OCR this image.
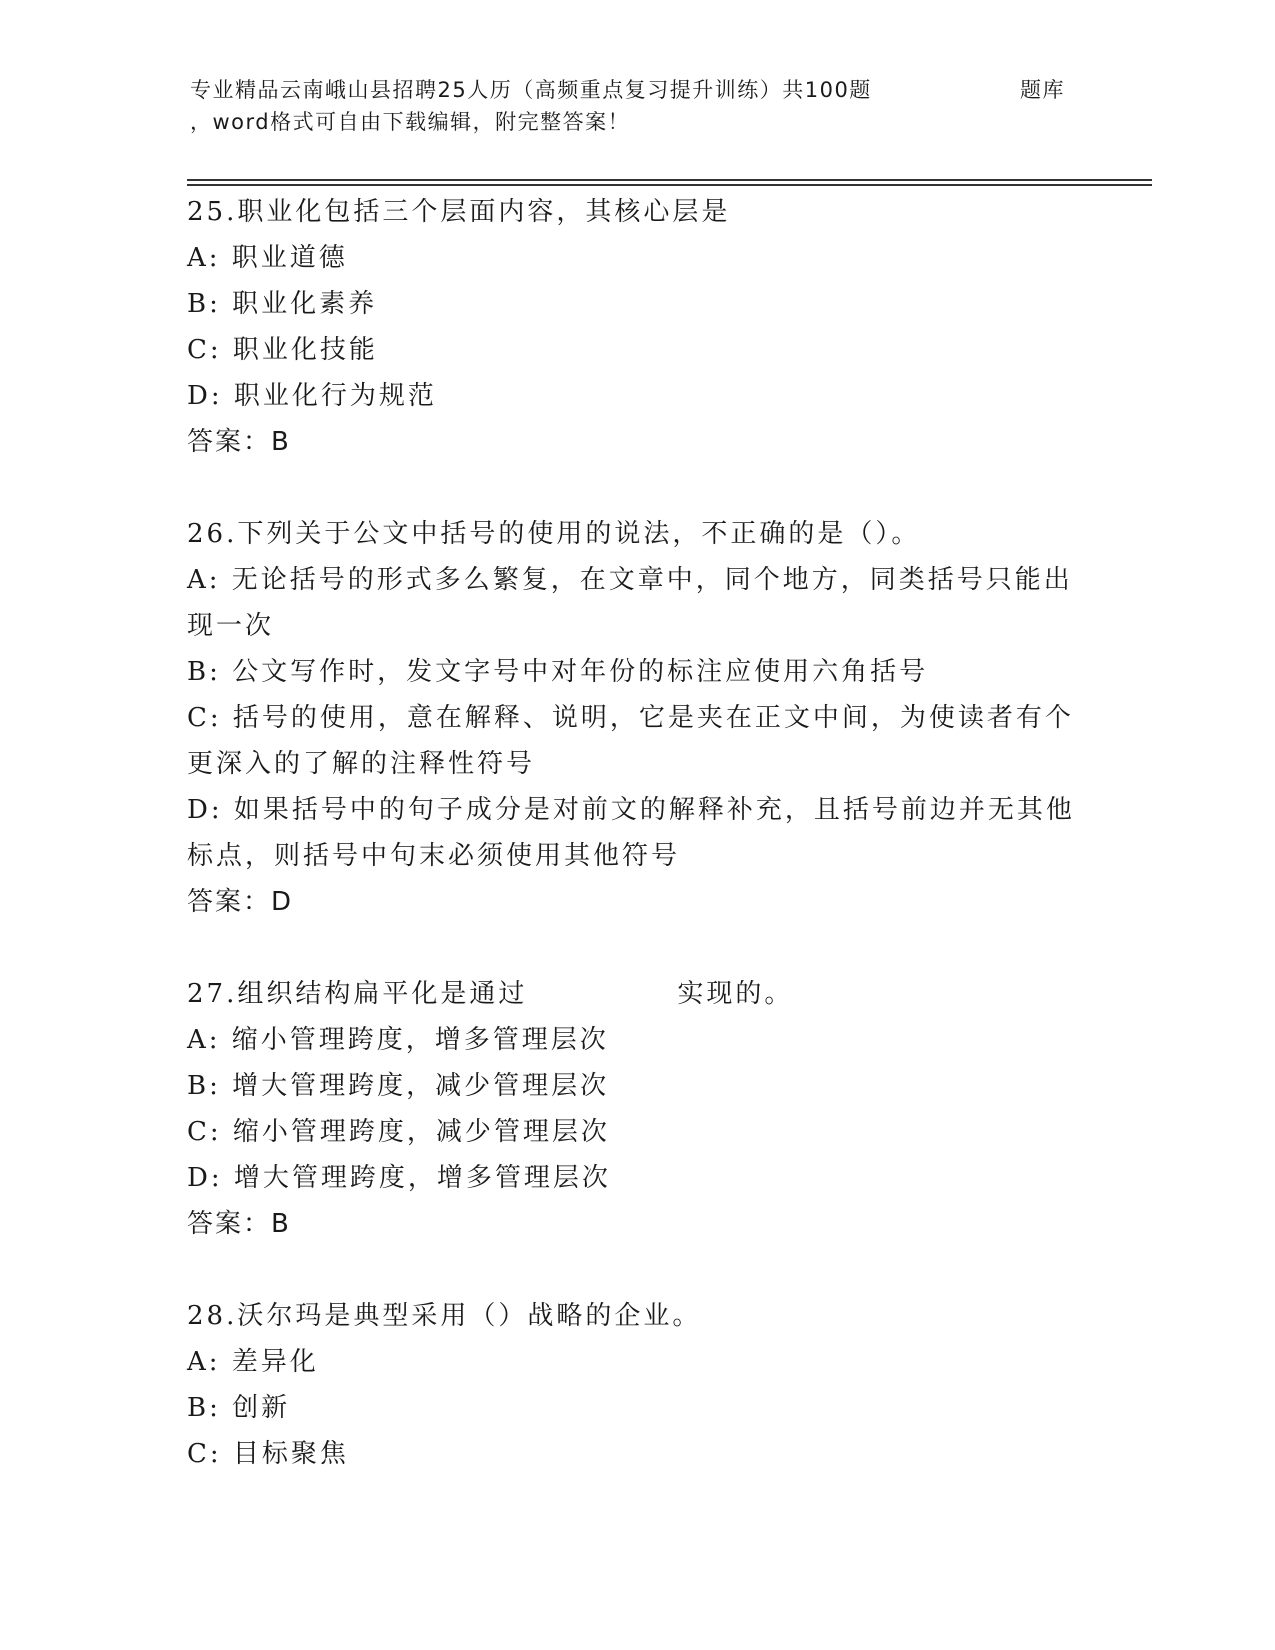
专业精品云南峨山县招聘25人历（高频重点复习提升训练）共100题	题库
，word格式可自由下载编辑，附完整答案！

25.职业化包括三个层面内容，其核心层是

A: 职业道德

B: 职业化素养

C: 职业化技能

D: 职业化行为规范

答案：B

26.下列关于公文中括号的使用的说法，不正确的是（）。

A: 无论括号的形式多么繁复，在文章中，同个地方，同类括号只能出现一次

B: 公文写作时，发文字号中对年份的标注应使用六角括号

C: 括号的使用，意在解释、说明，它是夹在正文中间，为使读者有个更深入的了解的注释性符号

D: 如果括号中的句子成分是对前文的解释补充，且括号前边并无其他标点，则括号中句末必须使用其他符号

答案：D

27.组织结构扁平化是通过	实现的。

A: 缩小管理跨度，增多管理层次

B: 增大管理跨度，减少管理层次

C: 缩小管理跨度，减少管理层次

D: 增大管理跨度，增多管理层次

答案：B

28.沃尔玛是典型采用（）战略的企业。

A: 差异化

B: 创新

C: 目标聚焦
